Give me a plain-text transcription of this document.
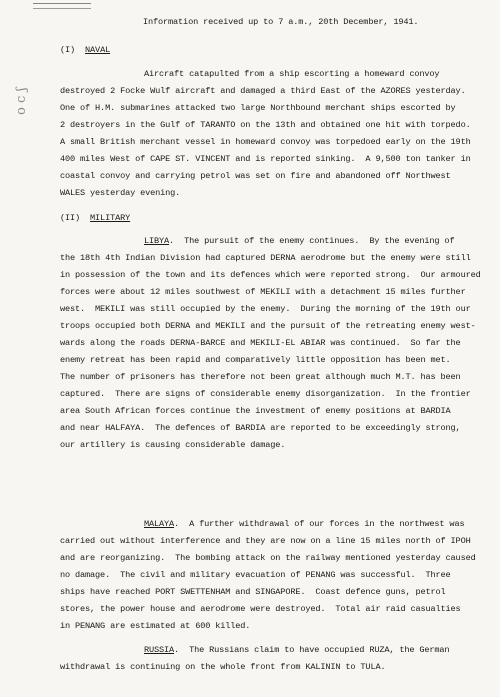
ʃ ɔ o
Information received up to 7 a.m., 20th December, 1941.
(I) NAVAL
Aircraft catapulted from a ship escorting a homeward convoy
destroyed 2 Focke Wulf aircraft and damaged a third East of the AZORES yesterday.
One of H.M. submarines attacked two large Northbound merchant ships escorted by
2 destroyers in the Gulf of TARANTO on the 13th and obtained one hit with torpedo.
A small British merchant vessel in homeward convoy was torpedoed early on the 19th
400 miles West of CAPE ST. VINCENT and is reported sinking.  A 9,500 ton tanker in
coastal convoy and carrying petrol was set on fire and abandoned off Northwest
WALES yesterday evening.
(II) MILITARY
LIBYA.  The pursuit of the enemy continues.  By the evening of
the 18th 4th Indian Division had captured DERNA aerodrome but the enemy were still
in possession of the town and its defences which were reported strong.  Our armoured
forces were about 12 miles southwest of MEKILI with a detachment 15 miles further
west.  MEKILI was still occupied by the enemy.  During the morning of the 19th our
troops occupied both DERNA and MEKILI and the pursuit of the retreating enemy west-
wards along the roads DERNA-BARCE and MEKILI-EL ABIAR was continued.  So far the
enemy retreat has been rapid and comparatively little opposition has been met.
The number of prisoners has therefore not been great although much M.T. has been
captured.  There are signs of considerable enemy disorganization.  In the frontier
area South African forces continue the investment of enemy positions at BARDIA
and near HALFAYA.  The defences of BARDIA are reported to be exceedingly strong,
our artillery is causing considerable damage.
MALAYA.  A further withdrawal of our forces in the northwest was
carried out without interference and they are now on a line 15 miles north of IPOH
and are reorganizing.  The bombing attack on the railway mentioned yesterday caused
no damage.  The civil and military evacuation of PENANG was successful.  Three
ships have reached PORT SWETTENHAM and SINGAPORE.  Coast defence guns, petrol
stores, the power house and aerodrome were destroyed.  Total air raid casualties
in PENANG are estimated at 600 killed.
RUSSIA.  The Russians claim to have occupied RUZA, the German
withdrawal is continuing on the whole front from KALININ to TULA.
